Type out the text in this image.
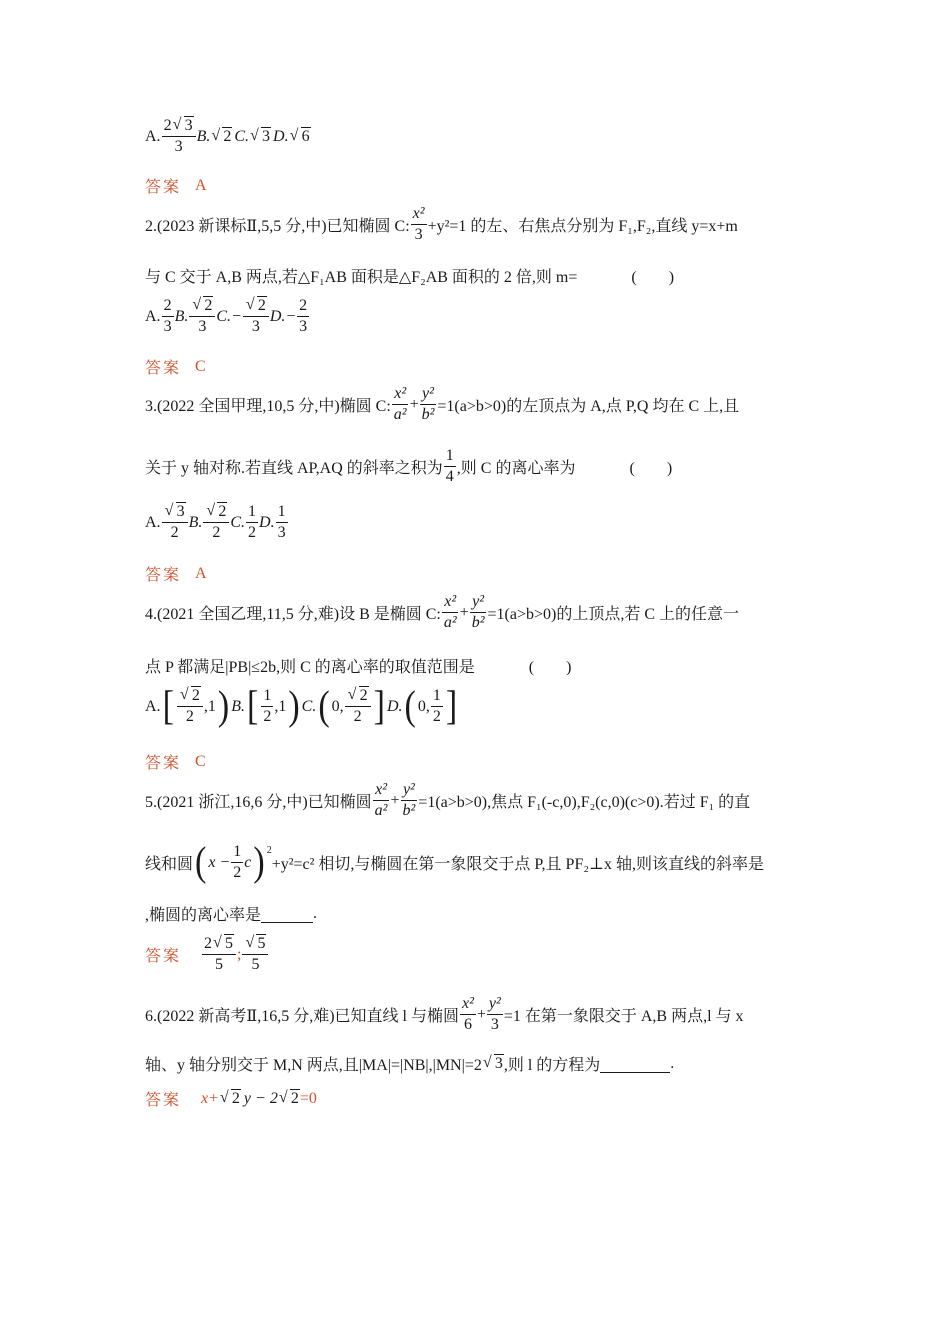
A. $\frac{2 √ 3}{3} B$. √ 2 C. √ 3 D. √ 6
答案 A
2.(2023 新课标Ⅱ,5,5 分,中)已知椭圆 C: $\frac{\text{x²}}{3} +y^2=1$ 的左、右焦点分别为 F₁,F₂,直线 y=x+m
与 C 交于 A,B 两点,若△F₁AB 面积是△F₂AB 面积的 2 倍,则 m=	(　　)
A. $\frac{2}{3} B$. √ $\frac{2}{3} C.-$ √ $\frac{2}{3} D.- \frac{2}{3}$
答案 C
3.(2022 全国甲理,10,5 分,中)椭圆 C: $\frac{\text{x²}}{\text{a²}} + \frac{\text{y²}}{\text{b²}} =1(a>b>0)$的左顶点为 A,点 P,Q 均在 C 上,且
关于 y 轴对称.若直线 AP,AQ 的斜率之积为 $\frac{1}{4}$ ,则 C 的离心率为	(　　)
A. √ $\frac{3}{2} B$. √ $\frac{2}{2} C$. $\frac{1}{2} D$. $\frac{1}{3}$
答案 A
4.(2021 全国乙理,11,5 分,难)设 B 是椭圆 C: $\frac{\text{x²}}{\text{a²}} + \frac{\text{y²}}{\text{b²}} =1(a>b>0)$的上顶点,若 C 上的任意一
点 P 都满足|PB|≤2b,则 C 的离心率的取值范围是	(　　)
A. [ √ $\frac{2}{2} ,1$ ) B. [ $\frac{1}{2} ,1$ ) C. ( 0, √ $\frac{2}{2}$ ] D. ( 0, $\frac{1}{2}$ ]
答案 C
5.(2021 浙江,16,6 分,中)已知椭圆 $\frac{\text{x²}}{\text{a²}} + \frac{\text{y²}}{\text{b²}} =1(a>b>0)$,焦点 F₁(-c,0),F₂(c,0)(c>0).若过 F₁ 的直
线和圆 ( $x - \frac{1}{2}$ c ) 2
+y²=c² 相切,与椭圆在第一象限交于点 P,且 PF₂⊥x 轴,则该直线的斜率是
,椭圆的离心率是	.
答案 $\frac{2 √ 5}{5}$ ; √ $\frac{5}{5}$
6.(2022 新高考Ⅱ,16,5 分,难)已知直线 l 与椭圆 $\frac{\text{x²}}{6} + \frac{\text{y²}}{3} =1$ 在第一象限交于 A,B 两点,l 与 x
轴、y 轴分别交于 M,N 两点,且|MA|=|NB|,|MN|=2 √ 3 ,则 l 的方程为	.
答案 x+ √ 2 y − 2 √ 2 =0
